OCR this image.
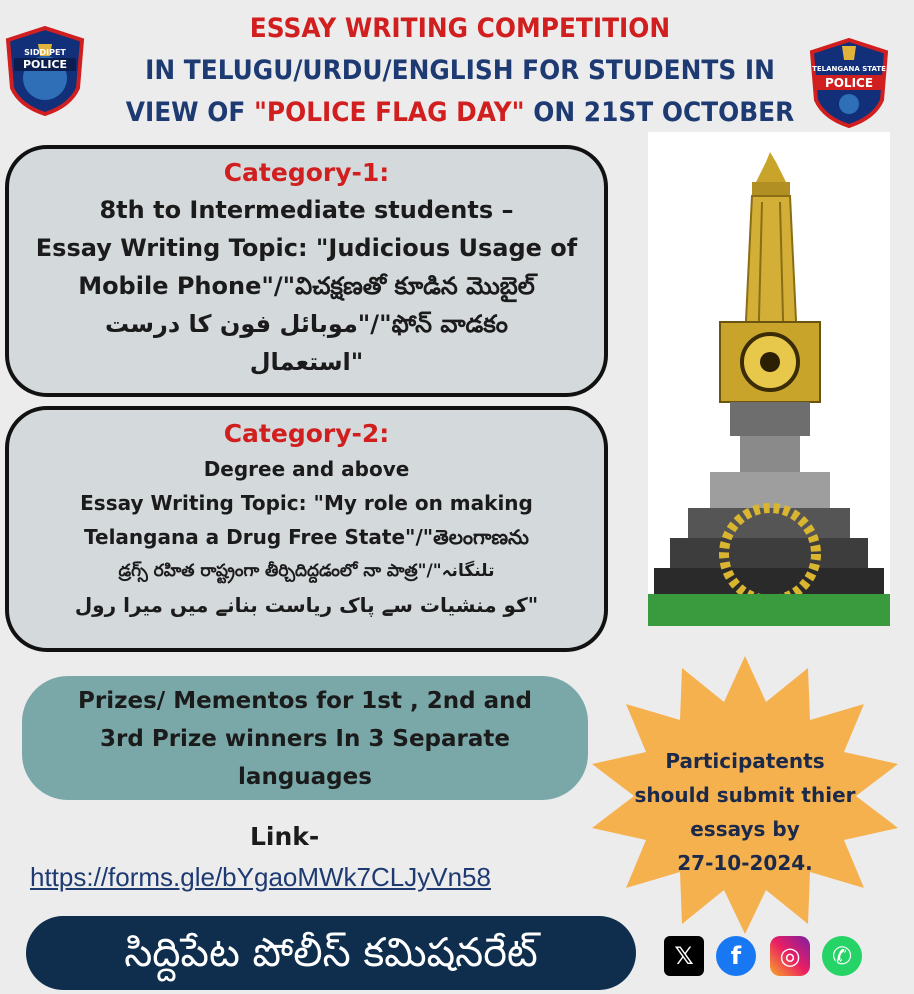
ESSAY WRITING COMPETITION
IN TELUGU/URDU/ENGLISH FOR STUDENTS IN
VIEW OF "POLICE FLAG DAY" ON 21ST OCTOBER
SIDDIPET
POLICE	TELANGANA STATE
POLICE
Category-1:
8th to Intermediate students –
Essay Writing Topic: "Judicious Usage of
Mobile Phone"/"విచక్షణతో కూడిన మొబైల్
ఫోన్ వాడకం"/"موبائل فون کا درست
"استعمال
Category-2:
Degree and above
Essay Writing Topic: "My role on making
Telangana a Drug Free State"/"తెలంగాణను
డ్రగ్స్ రహిత రాష్ట్రంగా తీర్చిదిద్దడంలో నా పాత్ర"/"تلنگانہ
"کو منشیات سے پاک ریاست بنانے میں میرا رول
Prizes/ Mementos for 1st , 2nd and
3rd Prize winners In 3 Separate
languages
Link-
https://forms.gle/bYgaoMWk7CLJyVn58
Participatents
should submit thier
essays by
27-10-2024.
సిద్దిపేట పోలీస్ కమిషనరేట్	𝕏	f	◎	✆
